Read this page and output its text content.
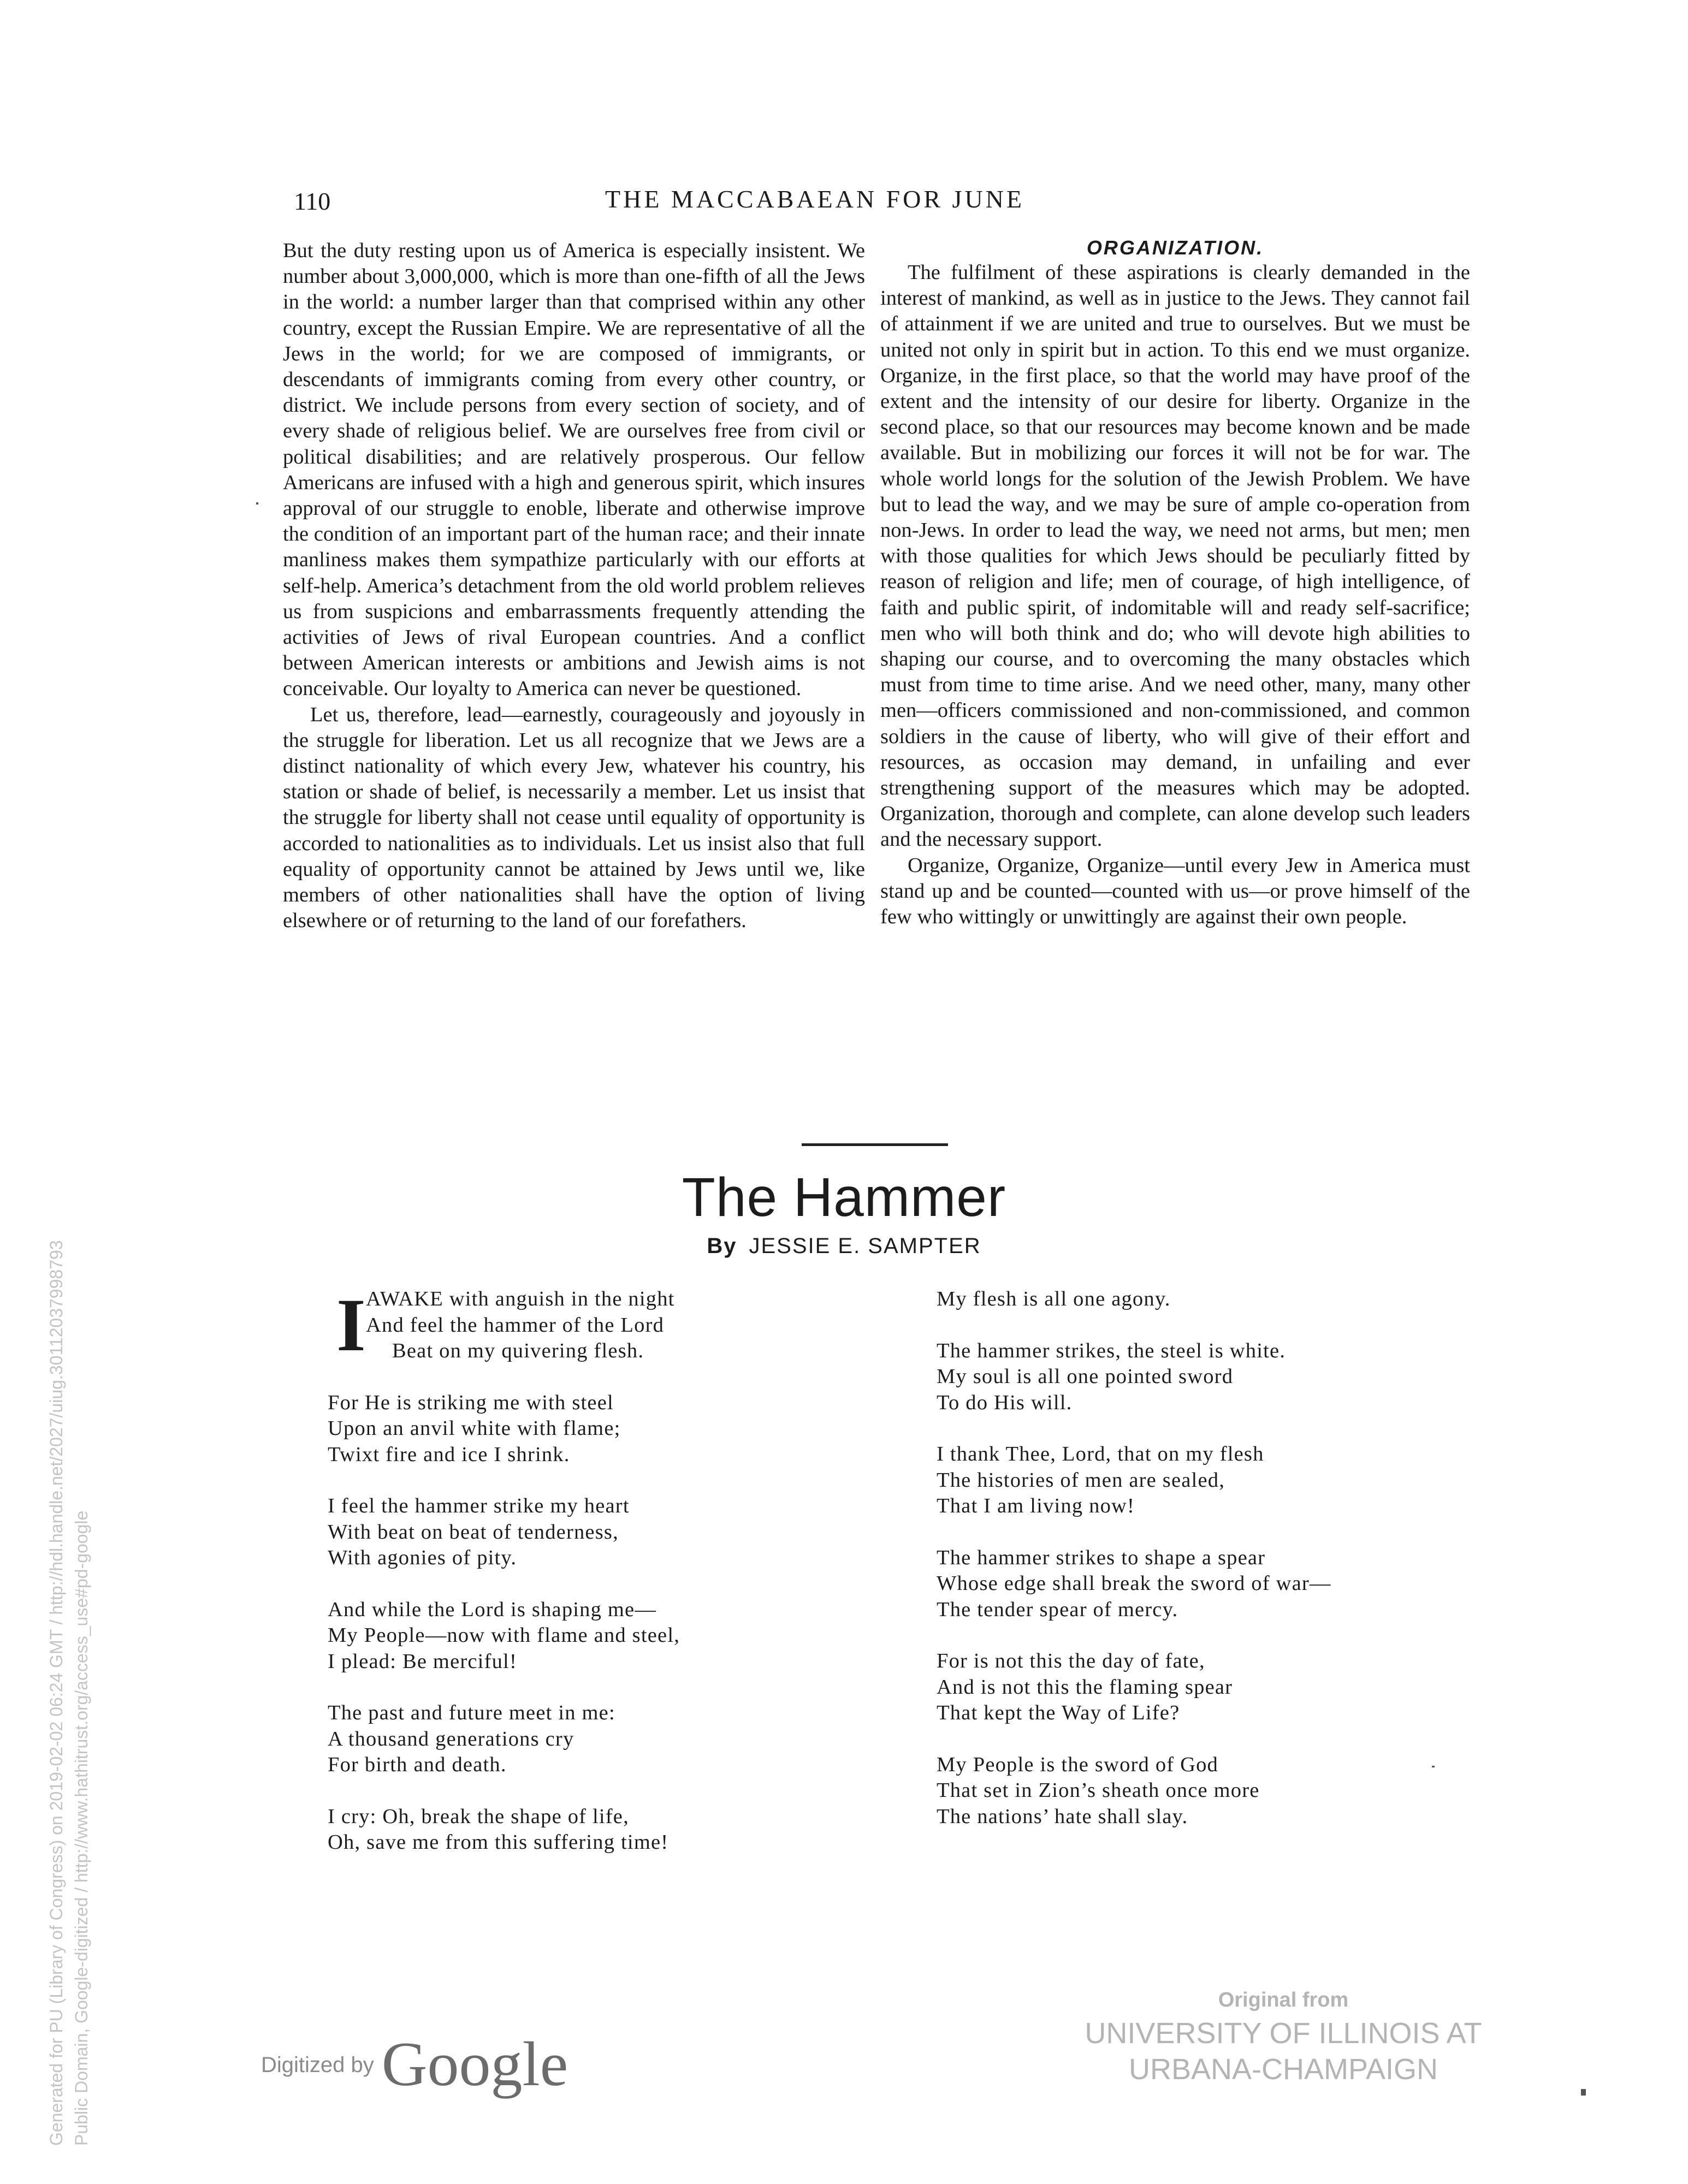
110	THE MACCABAEAN FOR JUNE

But the duty resting upon us of America is especially insistent. We number about 3,000,000, which is more than one-fifth of all the Jews in the world: a number larger than that comprised within any other country, except the Russian Empire. We are representative of all the Jews in the world; for we are composed of immigrants, or descendants of immigrants coming from every other country, or district. We include persons from every section of society, and of every shade of religious belief. We are ourselves free from civil or political disabilities; and are relatively prosperous. Our fellow Americans are infused with a high and generous spirit, which insures approval of our struggle to enoble, liberate and otherwise improve the condition of an important part of the human race; and their innate manliness makes them sympathize particularly with our efforts at self-help. America’s detachment from the old world problem relieves us from suspicions and embarrassments frequently attending the activities of Jews of rival European countries. And a conflict between American interests or ambitions and Jewish aims is not conceivable. Our loyalty to America can never be questioned.

Let us, therefore, lead—earnestly, courageously and joyously in the struggle for liberation. Let us all recognize that we Jews are a distinct nationality of which every Jew, whatever his country, his station or shade of belief, is necessarily a member. Let us insist that the struggle for liberty shall not cease until equality of opportunity is accorded to nationalities as to individuals. Let us insist also that full equality of opportunity cannot be attained by Jews until we, like members of other nationalities shall have the option of living elsewhere or of returning to the land of our forefathers.

ORGANIZATION.

The fulfilment of these aspirations is clearly demanded in the interest of mankind, as well as in justice to the Jews. They cannot fail of attainment if we are united and true to ourselves. But we must be united not only in spirit but in action. To this end we must organize. Organize, in the first place, so that the world may have proof of the extent and the intensity of our desire for liberty. Organize in the second place, so that our resources may become known and be made available. But in mobilizing our forces it will not be for war. The whole world longs for the solution of the Jewish Problem. We have but to lead the way, and we may be sure of ample co-operation from non-Jews. In order to lead the way, we need not arms, but men; men with those qualities for which Jews should be peculiarly fitted by reason of religion and life; men of courage, of high intelligence, of faith and public spirit, of indomitable will and ready self-sacrifice; men who will both think and do; who will devote high abilities to shaping our course, and to overcoming the many obstacles which must from time to time arise. And we need other, many, many other men—officers commissioned and non-commissioned, and common soldiers in the cause of liberty, who will give of their effort and resources, as occasion may demand, in unfailing and ever strengthening support of the measures which may be adopted. Organization, thorough and complete, can alone develop such leaders and the necessary support.

Organize, Organize, Organize—until every Jew in America must stand up and be counted—counted with us—or prove himself of the few who wittingly or unwittingly are against their own people.

The Hammer
By JESSIE E. SAMPTER
I AWAKE with anguish in the night
And feel the hammer of the Lord
Beat on my quivering flesh.
For He is striking me with steel
Upon an anvil white with flame;
Twixt fire and ice I shrink.
I feel the hammer strike my heart
With beat on beat of tenderness,
With agonies of pity.
And while the Lord is shaping me—
My People—now with flame and steel,
I plead: Be merciful!
The past and future meet in me:
A thousand generations cry
For birth and death.
I cry: Oh, break the shape of life,
Oh, save me from this suffering time!
My flesh is all one agony.
The hammer strikes, the steel is white.
My soul is all one pointed sword
To do His will.
I thank Thee, Lord, that on my flesh
The histories of men are sealed,
That I am living now!
The hammer strikes to shape a spear
Whose edge shall break the sword of war—
The tender spear of mercy.
For is not this the day of fate,
And is not this the flaming spear
That kept the Way of Life?
My People is the sword of God
That set in Zion’s sheath once more
The nations’ hate shall slay.
Generated for PU (Library of Congress) on 2019-02-02 06:24 GMT / http://hdl.handle.net/2027/uiug.30112037998793 Public Domain, Google-digitized / http://www.hathitrust.org/access_use#pd-google	Digitized by Google
Original from
UNIVERSITY OF ILLINOIS AT
URBANA-CHAMPAIGN
